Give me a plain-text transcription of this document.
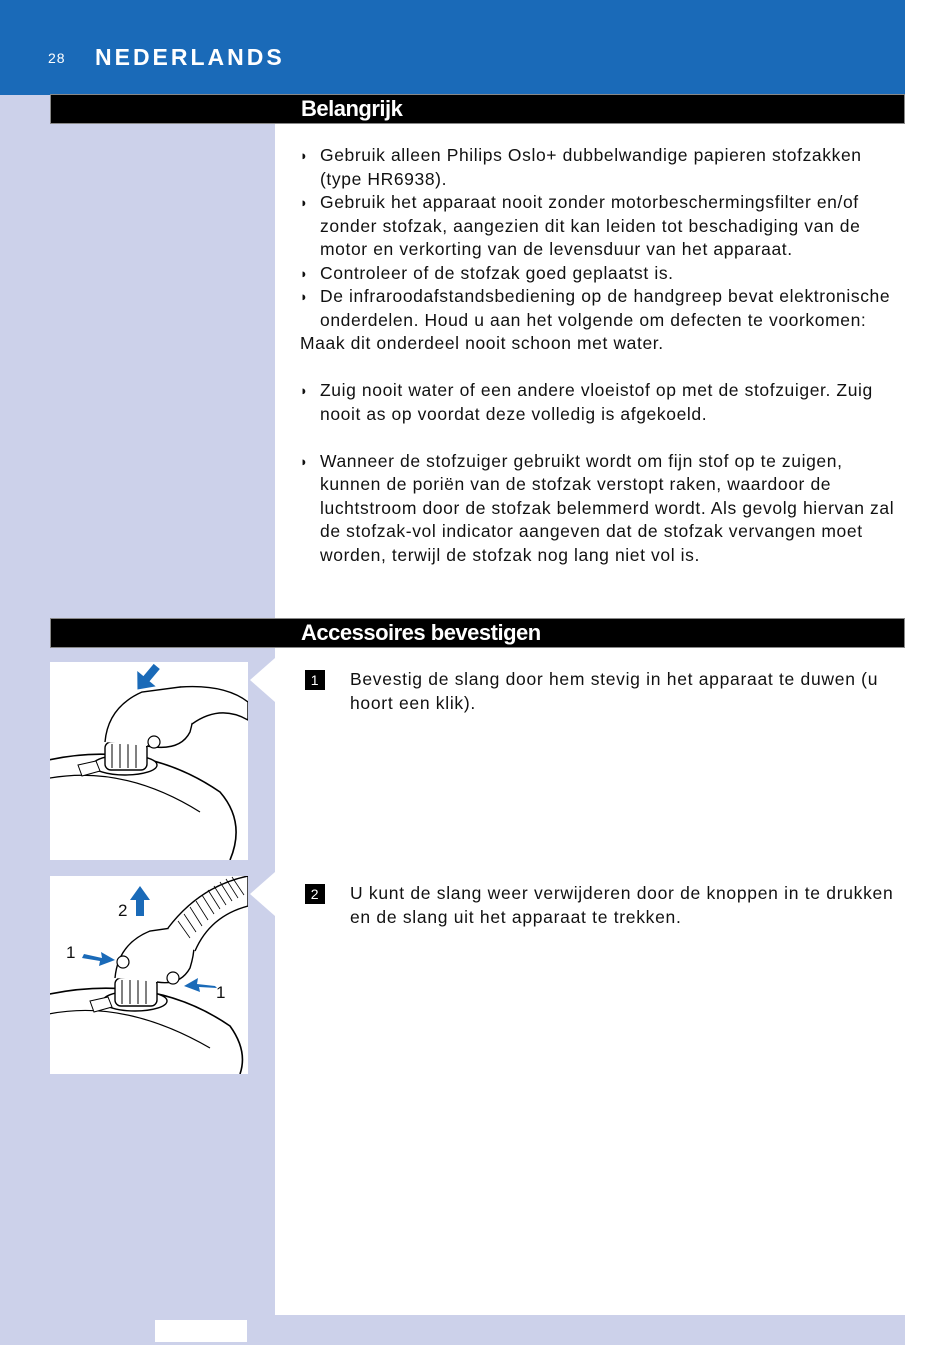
28 NEDERLANDS
Belangrijk
◗ Gebruik alleen Philips Oslo+ dubbelwandige papieren stofzakken (type HR6938).
◗ Gebruik het apparaat nooit zonder motorbeschermingsfilter en/of zonder stofzak, aangezien dit kan leiden tot beschadiging van de motor en verkorting van de levensduur van het apparaat.
◗ Controleer of de stofzak goed geplaatst is.
◗ De infraroodafstandsbediening op de handgreep bevat elektronische onderdelen. Houd u aan het volgende om defecten te voorkomen:
Maak dit onderdeel nooit schoon met water.
◗ Zuig nooit water of een andere vloeistof op met de stofzuiger. Zuig nooit as op voordat deze volledig is afgekoeld.
◗ Wanneer de stofzuiger gebruikt wordt om fijn stof op te zuigen, kunnen de poriën van de stofzak verstopt raken, waardoor de luchtstroom door de stofzak belemmerd wordt. Als gevolg hiervan zal de stofzak-vol indicator aangeven dat de stofzak vervangen moet worden, terwijl de stofzak nog lang niet vol is.
Accessoires bevestigen
2
1
1
1	Bevestig de slang door hem stevig in het apparaat te duwen (u hoort een klik).
2	U kunt de slang weer verwijderen door de knoppen in te drukken en de slang uit het apparaat te trekken.
